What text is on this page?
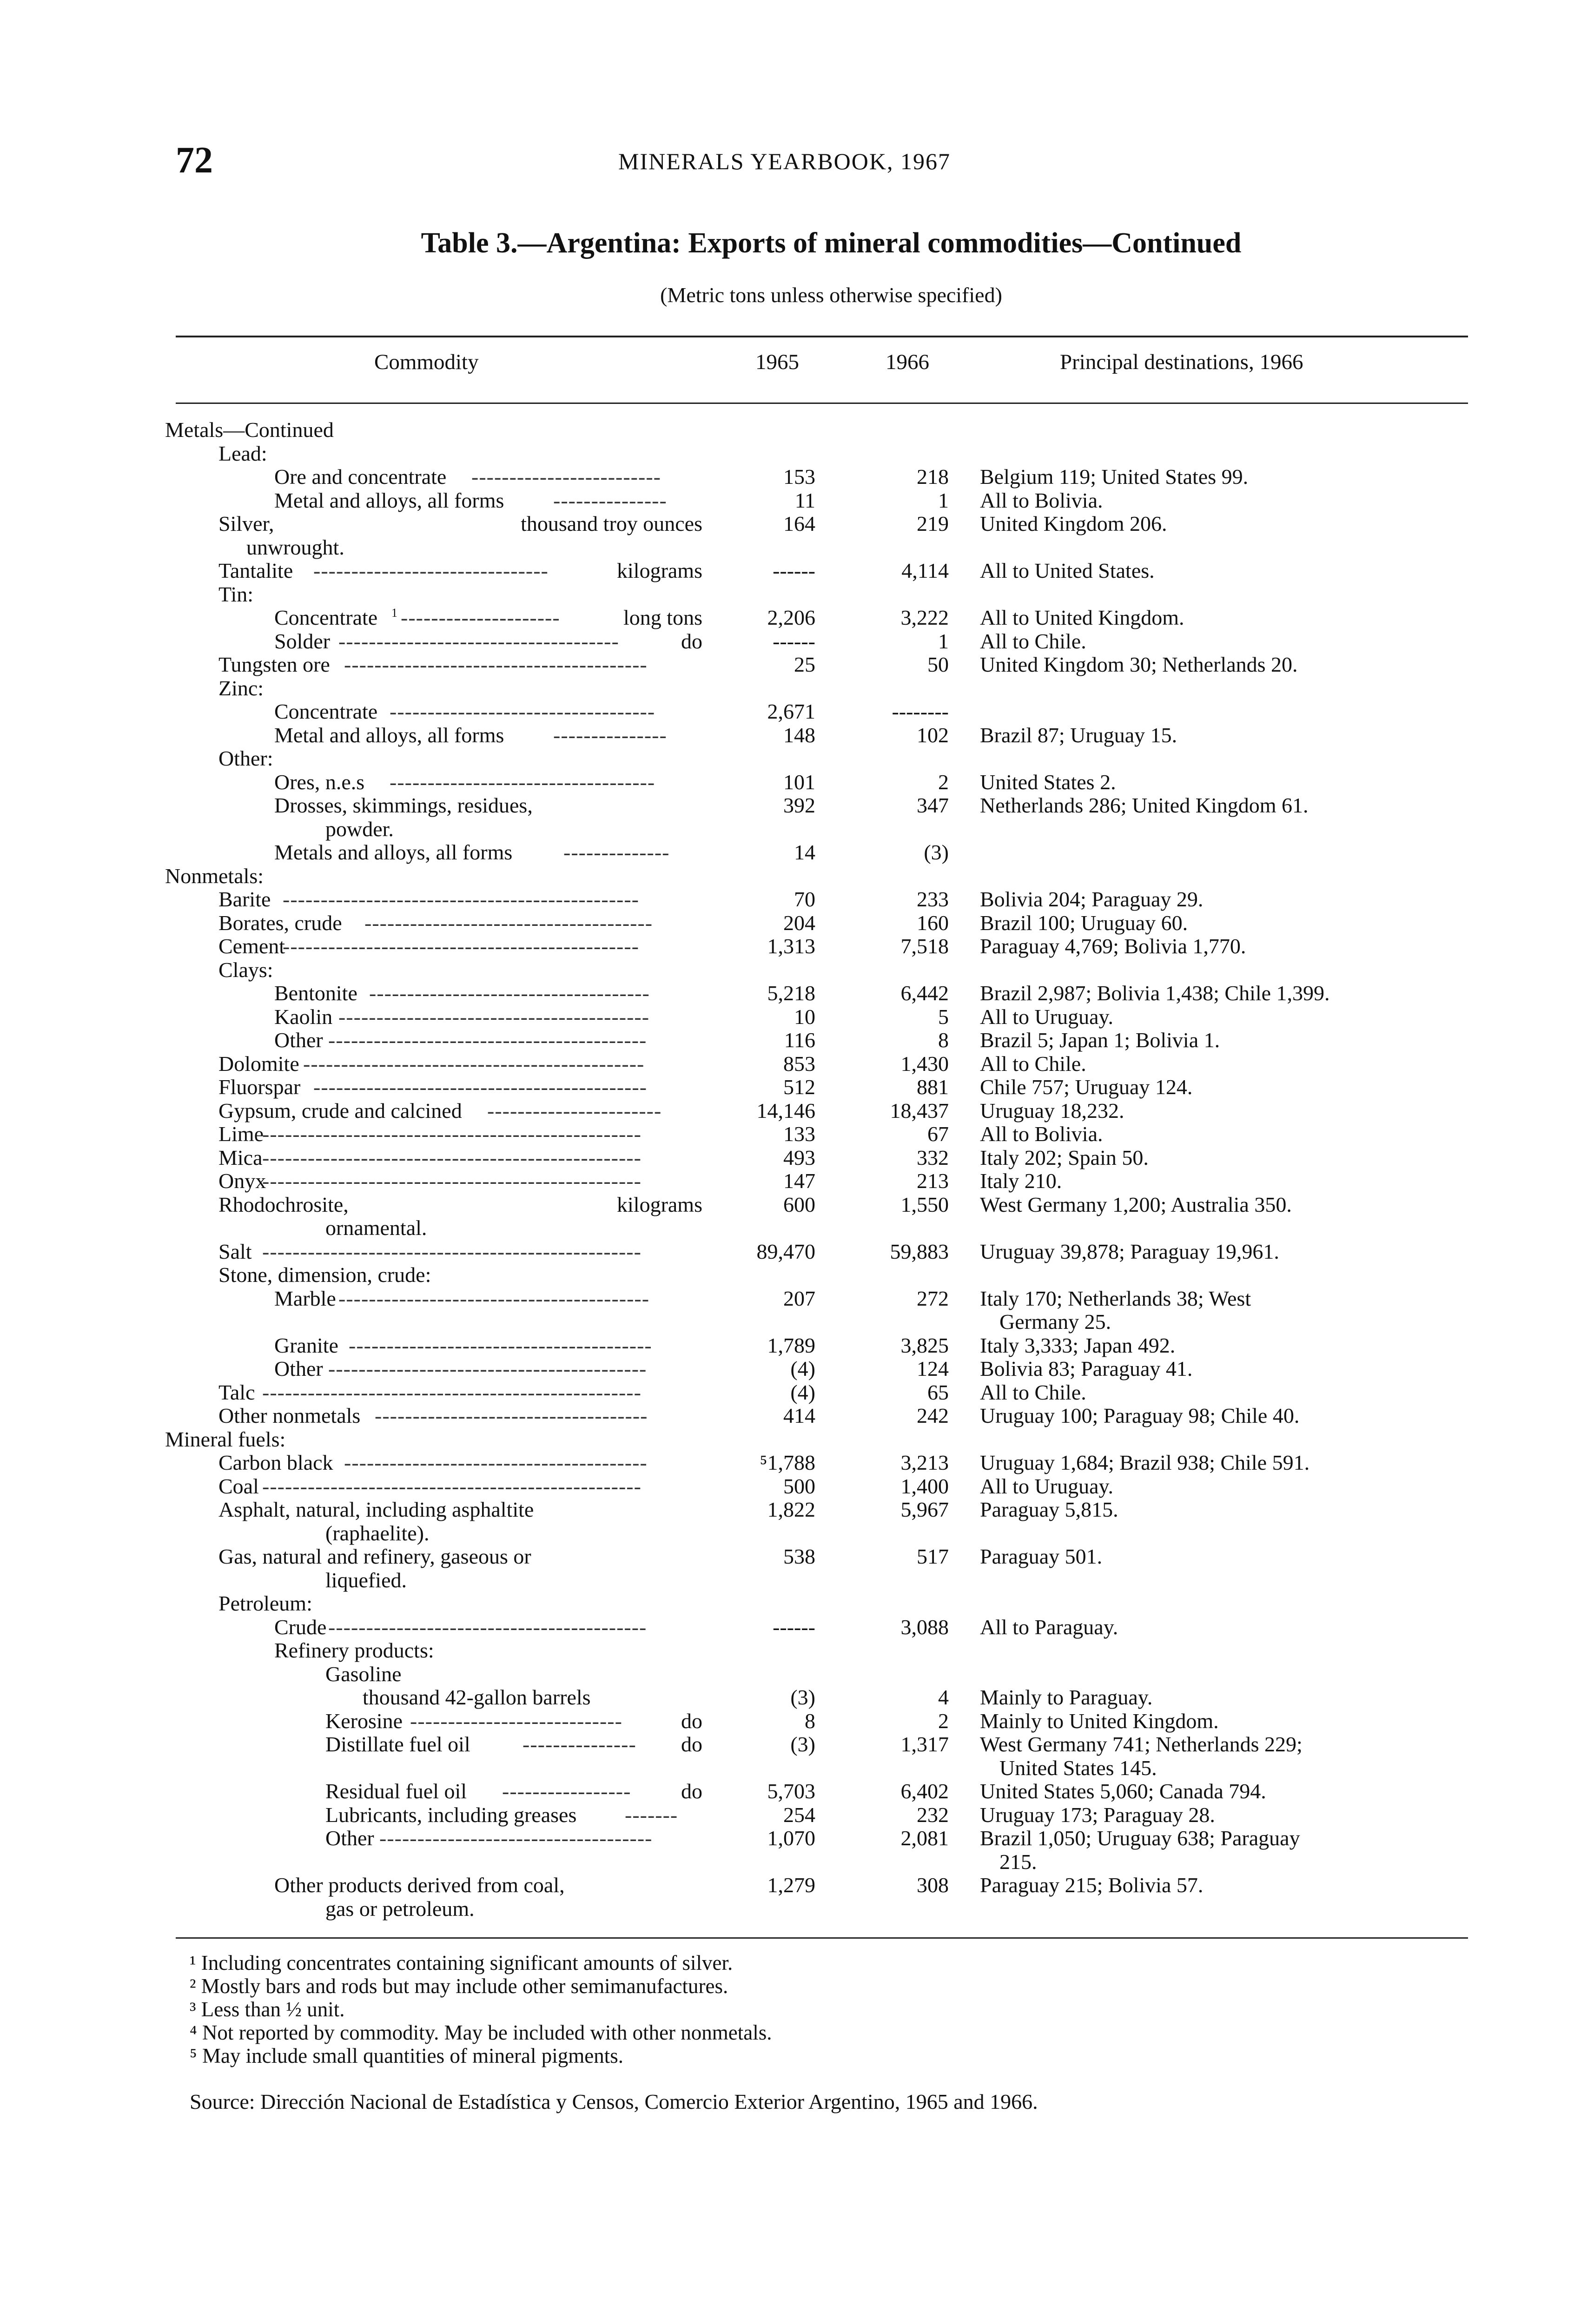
72	MINERALS YEARBOOK, 1967
Table 3.—Argentina: Exports of mineral commodities—Continued
(Metric tons unless otherwise specified)
Commodity	1965	1966	Principal destinations, 1966
Metals—Continued
Lead:
Ore and concentrate -------------------------	153	218 Belgium 119; United States 99.
Metal and alloys, all forms ---------------	11	1 All to Bolivia.
Silver,	thousand troy ounces	164	219 United Kingdom 206.
unwrought.
Tantalite -------------------------------	kilograms	------	4,114 All to United States.
Tin:
Concentrate 1 ---------------------	long tons	2,206	3,222 All to United Kingdom.
Solder -------------------------------------	do	------	1 All to Chile.
Tungsten ore ----------------------------------------	25	50 United Kingdom 30; Netherlands 20.
Zinc:
Concentrate -----------------------------------	2,671	--------
Metal and alloys, all forms ---------------	148	102 Brazil 87; Uruguay 15.
Other:
Ores, n.e.s -----------------------------------	101	2 United States 2.
Drosses, skimmings, residues,	392	347 Netherlands 286; United Kingdom 61.
powder.
Metals and alloys, all forms --------------	14	(3)
Nonmetals:
Barite -----------------------------------------------	70	233 Bolivia 204; Paraguay 29.
Borates, crude --------------------------------------	204	160 Brazil 100; Uruguay 60.
Cement
-----------------------------------------------	1,313	7,518 Paraguay 4,769; Bolivia 1,770.
Clays:
Bentonite -------------------------------------	5,218	6,442 Brazil 2,987; Bolivia 1,438; Chile 1,399.
Kaolin -----------------------------------------	10	5 All to Uruguay.
Other ------------------------------------------	116	8 Brazil 5; Japan 1; Bolivia 1.
Dolomite ---------------------------------------------	853	1,430 All to Chile.
Fluorspar --------------------------------------------	512	881 Chile 757; Uruguay 124.
Gypsum, crude and calcined -----------------------	14,146	18,437 Uruguay 18,232.
Lime
--------------------------------------------------	133	67 All to Bolivia.
Mica --------------------------------------------------	493	332 Italy 202; Spain 50.
Onyx
--------------------------------------------------	147	213 Italy 210.
Rhodochrosite,	kilograms	600	1,550 West Germany 1,200; Australia 350.
ornamental.
Salt --------------------------------------------------	89,470	59,883 Uruguay 39,878; Paraguay 19,961.
Stone, dimension, crude:
Marble -----------------------------------------	207	272 Italy 170; Netherlands 38; West
Germany 25.
Granite ----------------------------------------	1,789	3,825 Italy 3,333; Japan 492.
Other ------------------------------------------	(4)	124 Bolivia 83; Paraguay 41.
Talc --------------------------------------------------	(4)	65 All to Chile.
Other nonmetals ------------------------------------	414	242 Uruguay 100; Paraguay 98; Chile 40.
Mineral fuels:
Carbon black ----------------------------------------	⁵1,788	3,213 Uruguay 1,684; Brazil 938; Chile 591.
Coal --------------------------------------------------	500	1,400 All to Uruguay.
Asphalt, natural, including asphaltite	1,822	5,967 Paraguay 5,815.
(raphaelite).
Gas, natural and refinery, gaseous or	538	517 Paraguay 501.
liquefied.
Petroleum:
Crude ------------------------------------------	------	3,088 All to Paraguay.
Refinery products:
Gasoline
thousand 42-gallon barrels	(3)	4 Mainly to Paraguay.
Kerosine ----------------------------	do	8	2 Mainly to United Kingdom.
Distillate fuel oil --------------- do	(3)	1,317 West Germany 741; Netherlands 229;
United States 145.
Residual fuel oil ----------------- do	5,703	6,402 United States 5,060; Canada 794.
Lubricants, including greases -------	254	232 Uruguay 173; Paraguay 28.
Other ------------------------------------	1,070	2,081 Brazil 1,050; Uruguay 638; Paraguay
215.
Other products derived from coal,	1,279	308 Paraguay 215; Bolivia 57.
gas or petroleum.
¹ Including concentrates containing significant amounts of silver.
² Mostly bars and rods but may include other semimanufactures.
³ Less than ½ unit.
⁴ Not reported by commodity. May be included with other nonmetals.
⁵ May include small quantities of mineral pigments.
Source: Dirección Nacional de Estadística y Censos, Comercio Exterior Argentino, 1965 and 1966.
